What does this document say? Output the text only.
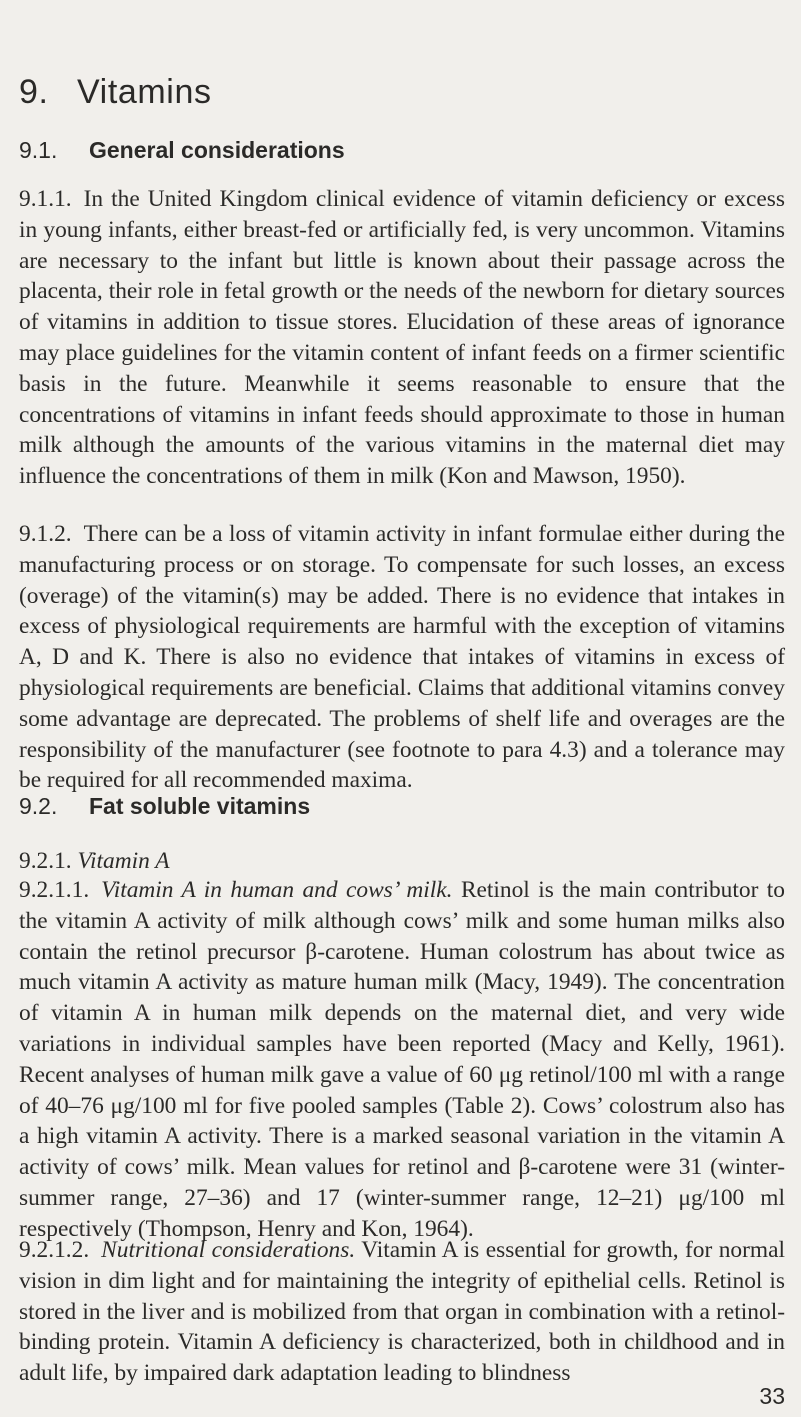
9. Vitamins
9.1. General considerations

9.1.1. In the United Kingdom clinical evidence of vitamin deficiency or excess in young infants, either breast-fed or artificially fed, is very uncommon. Vitamins are necessary to the infant but little is known about their passage across the placenta, their role in fetal growth or the needs of the newborn for dietary sources of vitamins in addition to tissue stores. Elucidation of these areas of ignorance may place guidelines for the vitamin content of infant feeds on a firmer scientific basis in the future. Meanwhile it seems reasonable to ensure that the concentrations of vitamins in infant feeds should approximate to those in human milk although the amounts of the various vitamins in the maternal diet may influence the concentrations of them in milk (Kon and Mawson, 1950).

9.1.2. There can be a loss of vitamin activity in infant formulae either during the manufacturing process or on storage. To compensate for such losses, an excess (overage) of the vitamin(s) may be added. There is no evidence that intakes in excess of physiological requirements are harmful with the exception of vitamins A, D and K. There is also no evidence that intakes of vitamins in excess of physiological requirements are beneficial. Claims that additional vitamins convey some advantage are deprecated. The problems of shelf life and overages are the responsibility of the manufacturer (see footnote to para 4.3) and a tolerance may be required for all recommended maxima.

9.2. Fat soluble vitamins

9.2.1. Vitamin A

9.2.1.1. Vitamin A in human and cows’ milk. Retinol is the main contributor to the vitamin A activity of milk although cows’ milk and some human milks also contain the retinol precursor β-carotene. Human colostrum has about twice as much vitamin A activity as mature human milk (Macy, 1949). The concentration of vitamin A in human milk depends on the maternal diet, and very wide variations in individual samples have been reported (Macy and Kelly, 1961). Recent analyses of human milk gave a value of 60 μg retinol/100 ml with a range of 40–76 μg/100 ml for five pooled samples (Table 2). Cows’ colostrum also has a high vitamin A activity. There is a marked seasonal variation in the vitamin A activity of cows’ milk. Mean values for retinol and β-carotene were 31 (winter-summer range, 27–36) and 17 (winter-summer range, 12–21) μg/100 ml respectively (Thompson, Henry and Kon, 1964).

9.2.1.2. Nutritional considerations. Vitamin A is essential for growth, for normal vision in dim light and for maintaining the integrity of epithelial cells. Retinol is stored in the liver and is mobilized from that organ in combination with a retinol-binding protein. Vitamin A deficiency is characterized, both in childhood and in adult life, by impaired dark adaptation leading to blindness

33
